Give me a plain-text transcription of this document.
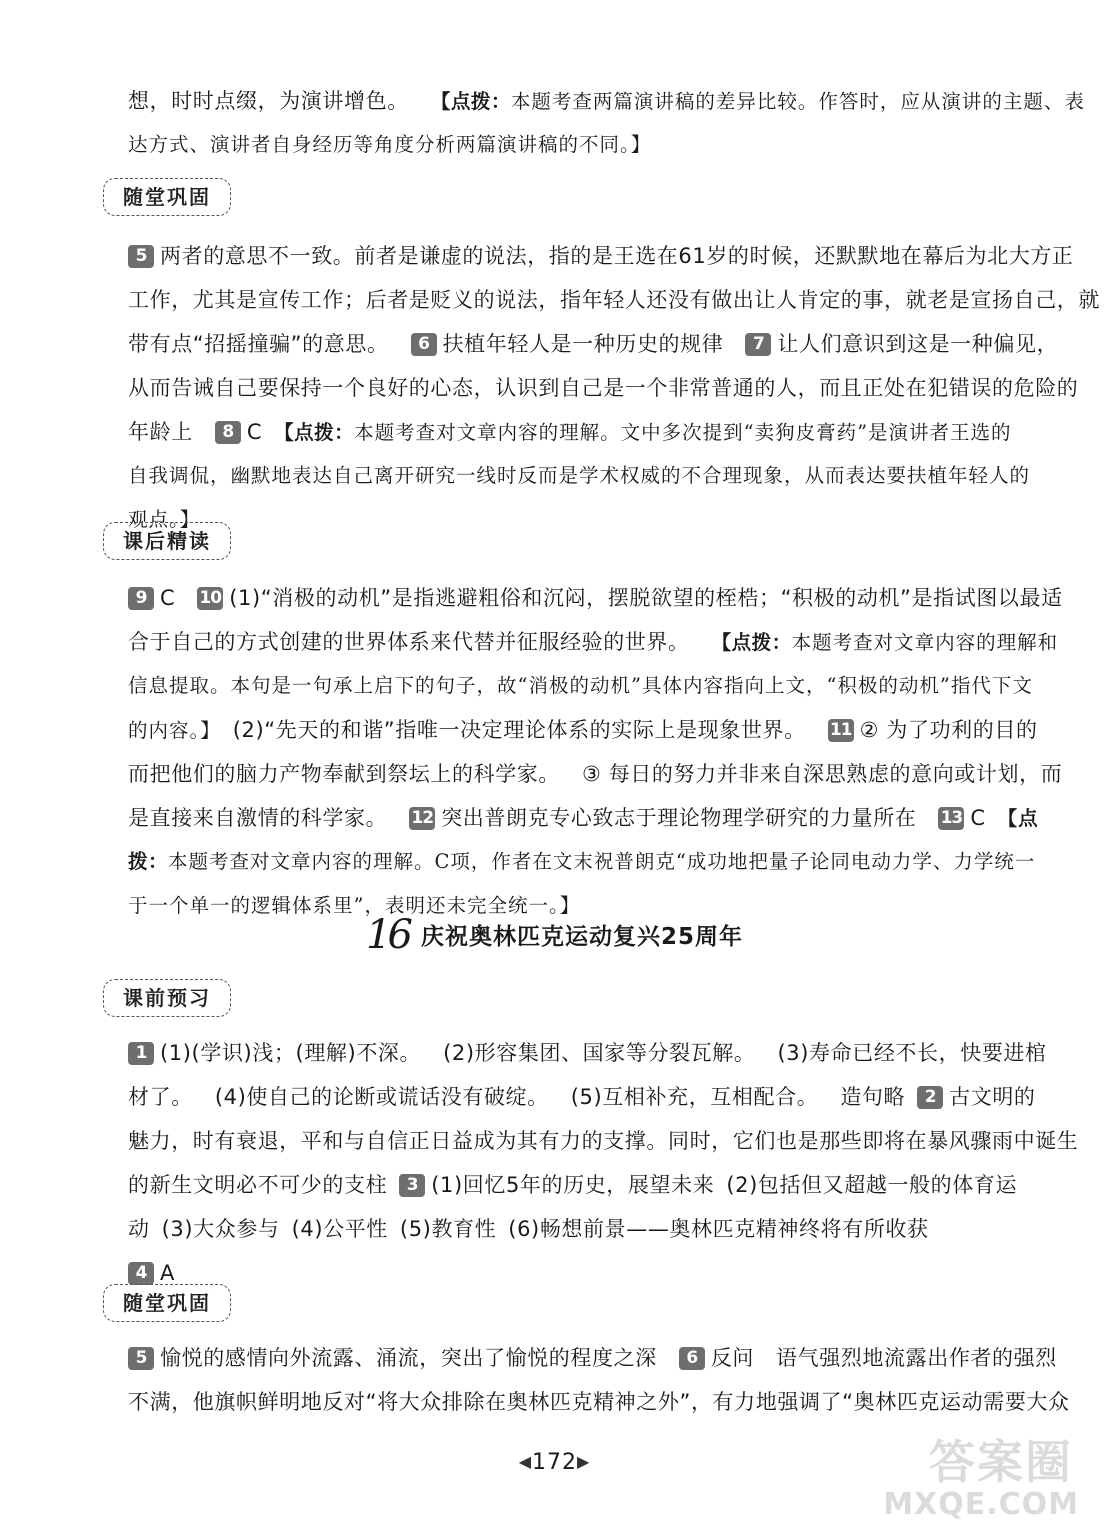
想，时时点缀，为演讲增色。 【点拨：本题考查两篇演讲稿的差异比较。作答时，应从演讲的主题、表
达方式、演讲者自身经历等角度分析两篇演讲稿的不同。】
随堂巩固
5 两者的意思不一致。前者是谦虚的说法，指的是王选在61岁的时候，还默默地在幕后为北大方正
工作，尤其是宣传工作；后者是贬义的说法，指年轻人还没有做出让人肯定的事，就老是宣扬自己，就
带有点“招摇撞骗”的意思。 6 扶植年轻人是一种历史的规律 7 让人们意识到这是一种偏见，
从而告诫自己要保持一个良好的心态，认识到自己是一个非常普通的人，而且正处在犯错误的危险的
年龄上 8 C 【点拨：本题考查对文章内容的理解。文中多次提到“卖狗皮膏药”是演讲者王选的
自我调侃，幽默地表达自己离开研究一线时反而是学术权威的不合理现象，从而表达要扶植年轻人的
观点。】
课后精读
9 C 10 (1)“消极的动机”是指逃避粗俗和沉闷，摆脱欲望的桎梏；“积极的动机”是指试图以最适
合于自己的方式创建的世界体系来代替并征服经验的世界。 【点拨：本题考查对文章内容的理解和
信息提取。本句是一句承上启下的句子，故“消极的动机”具体内容指向上文，“积极的动机”指代下文
的内容。】 (2)“先天的和谐”指唯一决定理论体系的实际上是现象世界。 11 ② 为了功利的目的
而把他们的脑力产物奉献到祭坛上的科学家。 ③ 每日的努力并非来自深思熟虑的意向或计划，而
是直接来自激情的科学家。 12 突出普朗克专心致志于理论物理学研究的力量所在 13 C 【点
拨：本题考查对文章内容的理解。C项，作者在文末祝普朗克“成功地把量子论同电动力学、力学统一
于一个单一的逻辑体系里”，表明还未完全统一。】
16 庆祝奥林匹克运动复兴25周年
课前预习
1 (1)(学识)浅；(理解)不深。 (2)形容集团、国家等分裂瓦解。 (3)寿命已经不长，快要进棺
材了。 (4)使自己的论断或谎话没有破绽。 (5)互相补充，互相配合。 造句略 2 古文明的
魅力，时有衰退，平和与自信正日益成为其有力的支撑。同时，它们也是那些即将在暴风骤雨中诞生
的新生文明必不可少的支柱 3 (1)回忆5年的历史，展望未来 (2)包括但又超越一般的体育运
动 (3)大众参与 (4)公平性 (5)教育性 (6)畅想前景——奥林匹克精神终将有所收获
4 A
随堂巩固
5 愉悦的感情向外流露、涌流，突出了愉悦的程度之深 6 反问 语气强烈地流露出作者的强烈
不满，他旗帜鲜明地反对“将大众排除在奥林匹克精神之外”，有力地强调了“奥林匹克运动需要大众
◀172▶	答案圈
MXQE.COM
